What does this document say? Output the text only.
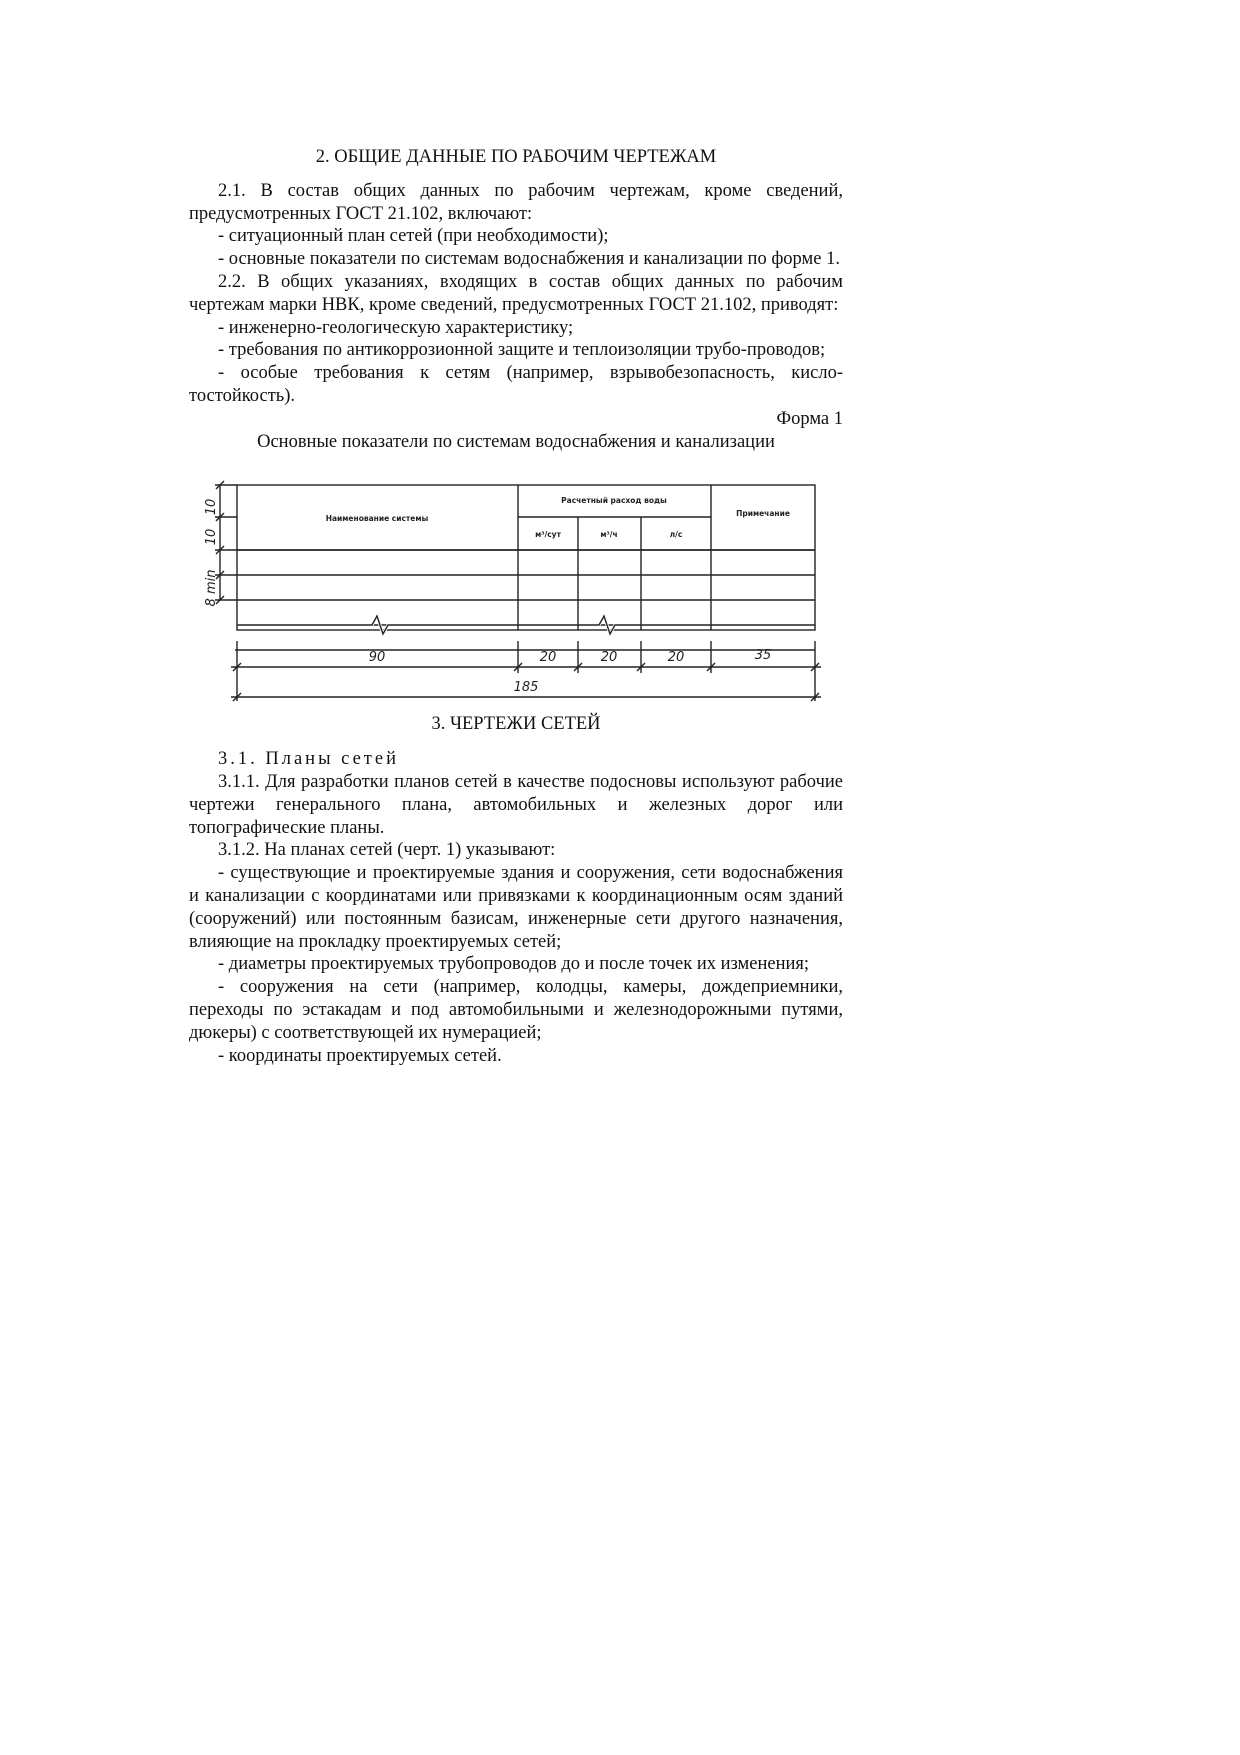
2. ОБЩИЕ ДАННЫЕ ПО РАБОЧИМ ЧЕРТЕЖАМ

2.1. В состав общих данных по рабочим чертежам, кроме сведений, предусмотренных ГОСТ 21.102, включают:

- ситуационный план сетей (при необходимости);

- основные показатели по системам водоснабжения и канализации по форме 1.

2.2. В общих указаниях, входящих в состав общих данных по рабочим чертежам марки НВК, кроме сведений, предусмотренных ГОСТ 21.102, приводят:

- инженерно-геологическую характеристику;

- требования по антикоррозионной защите и теплоизоляции трубо-проводов;

- особые требования к сетям (например, взрывобезопасность, кисло-тостойкость).

Форма 1
Основные показатели по системам водоснабжения и канализации
Наименование системы
Расчетный расход воды
м³/сут	м³/ч	л/с
Примечание
10
10
8 min
90	20	20	20	35
185
3. ЧЕРТЕЖИ СЕТЕЙ

3.1. Планы сетей

3.1.1. Для разработки планов сетей в качестве подосновы используют рабочие чертежи генерального плана, автомобильных и железных дорог или топографические планы.

3.1.2. На планах сетей (черт. 1) указывают:

- существующие и проектируемые здания и сооружения, сети водоснабжения и канализации с координатами или привязками к координационным осям зданий (сооружений) или постоянным базисам, инженерные сети другого назначения, влияющие на прокладку проектируемых сетей;

- диаметры проектируемых трубопроводов до и после точек их изменения;

- сооружения на сети (например, колодцы, камеры, дождеприемники, переходы по эстакадам и под автомобильными и железнодорожными путями, дюкеры) с соответствующей их нумерацией;

- координаты проектируемых сетей.
